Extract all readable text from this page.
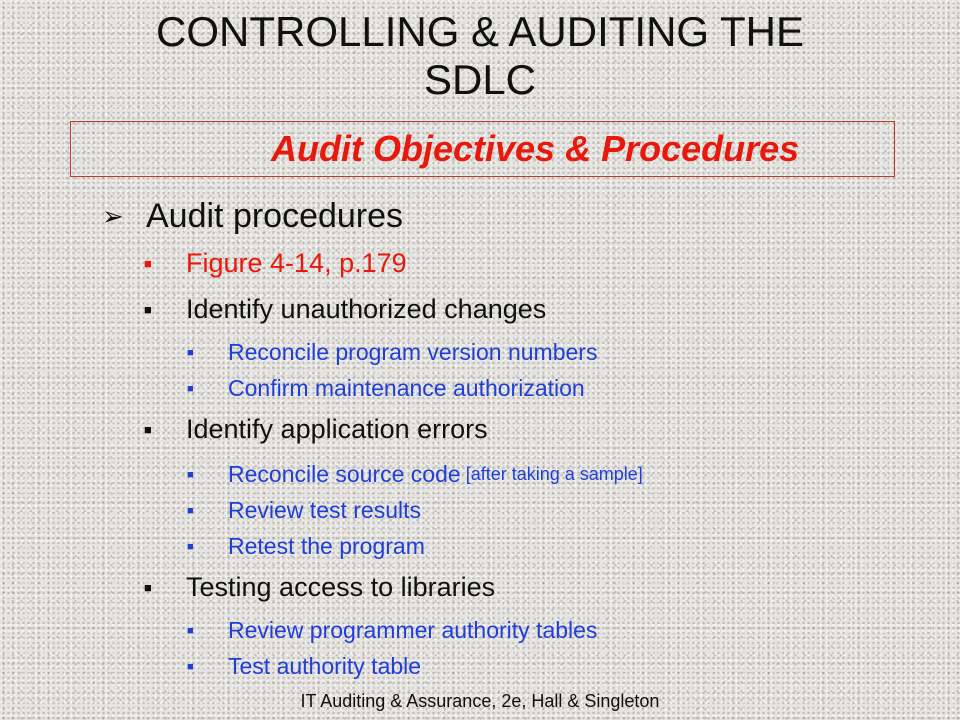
CONTROLLING & AUDITING THE
SDLC
Audit Objectives & Procedures
➢ Audit procedures
■	Figure 4-14, p.179
■	Identify unauthorized changes
■	Reconcile program version numbers
■	Confirm maintenance authorization
■	Identify application errors
■	Reconcile source code [after taking a sample]
■	Review test results
■	Retest the program
■	Testing access to libraries
■	Review programmer authority tables
■	Test authority table
IT Auditing & Assurance, 2e, Hall & Singleton
